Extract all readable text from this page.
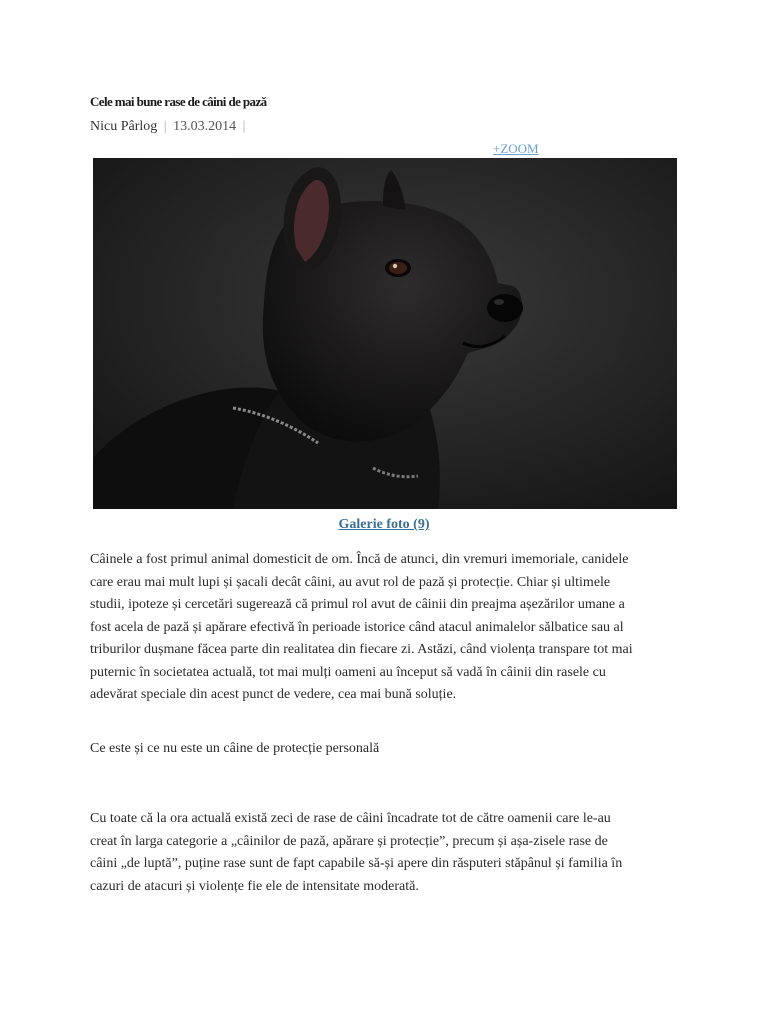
Cele mai bune rase de câini de pază
Nicu Pârlog | 13.03.2014 |
+ZOOM
Galerie foto (9)

Câinele a fost primul animal domesticit de om. Încă de atunci, din vremuri imemoriale, canidele
care erau mai mult lupi și șacali decât câini, au avut rol de pază și protecție. Chiar și ultimele
studii, ipoteze și cercetări sugerează că primul rol avut de câinii din preajma așezărilor umane a
fost acela de pază și apărare efectivă în perioade istorice când atacul animalelor sălbatice sau al
triburilor dușmane făcea parte din realitatea din fiecare zi. Astăzi, când violența transpare tot mai
puternic în societatea actuală, tot mai mulți oameni au început să vadă în câinii din rasele cu
adevărat speciale din acest punct de vedere, cea mai bună soluție.

Ce este și ce nu este un câine de protecție personală

Cu toate că la ora actuală există zeci de rase de câini încadrate tot de către oamenii care le-au
creat în larga categorie a „câinilor de pază, apărare și protecție”, precum și așa-zisele rase de
câini „de luptă”, puține rase sunt de fapt capabile să-și apere din răsputeri stăpânul și familia în
cazuri de atacuri și violențe fie ele de intensitate moderată.
